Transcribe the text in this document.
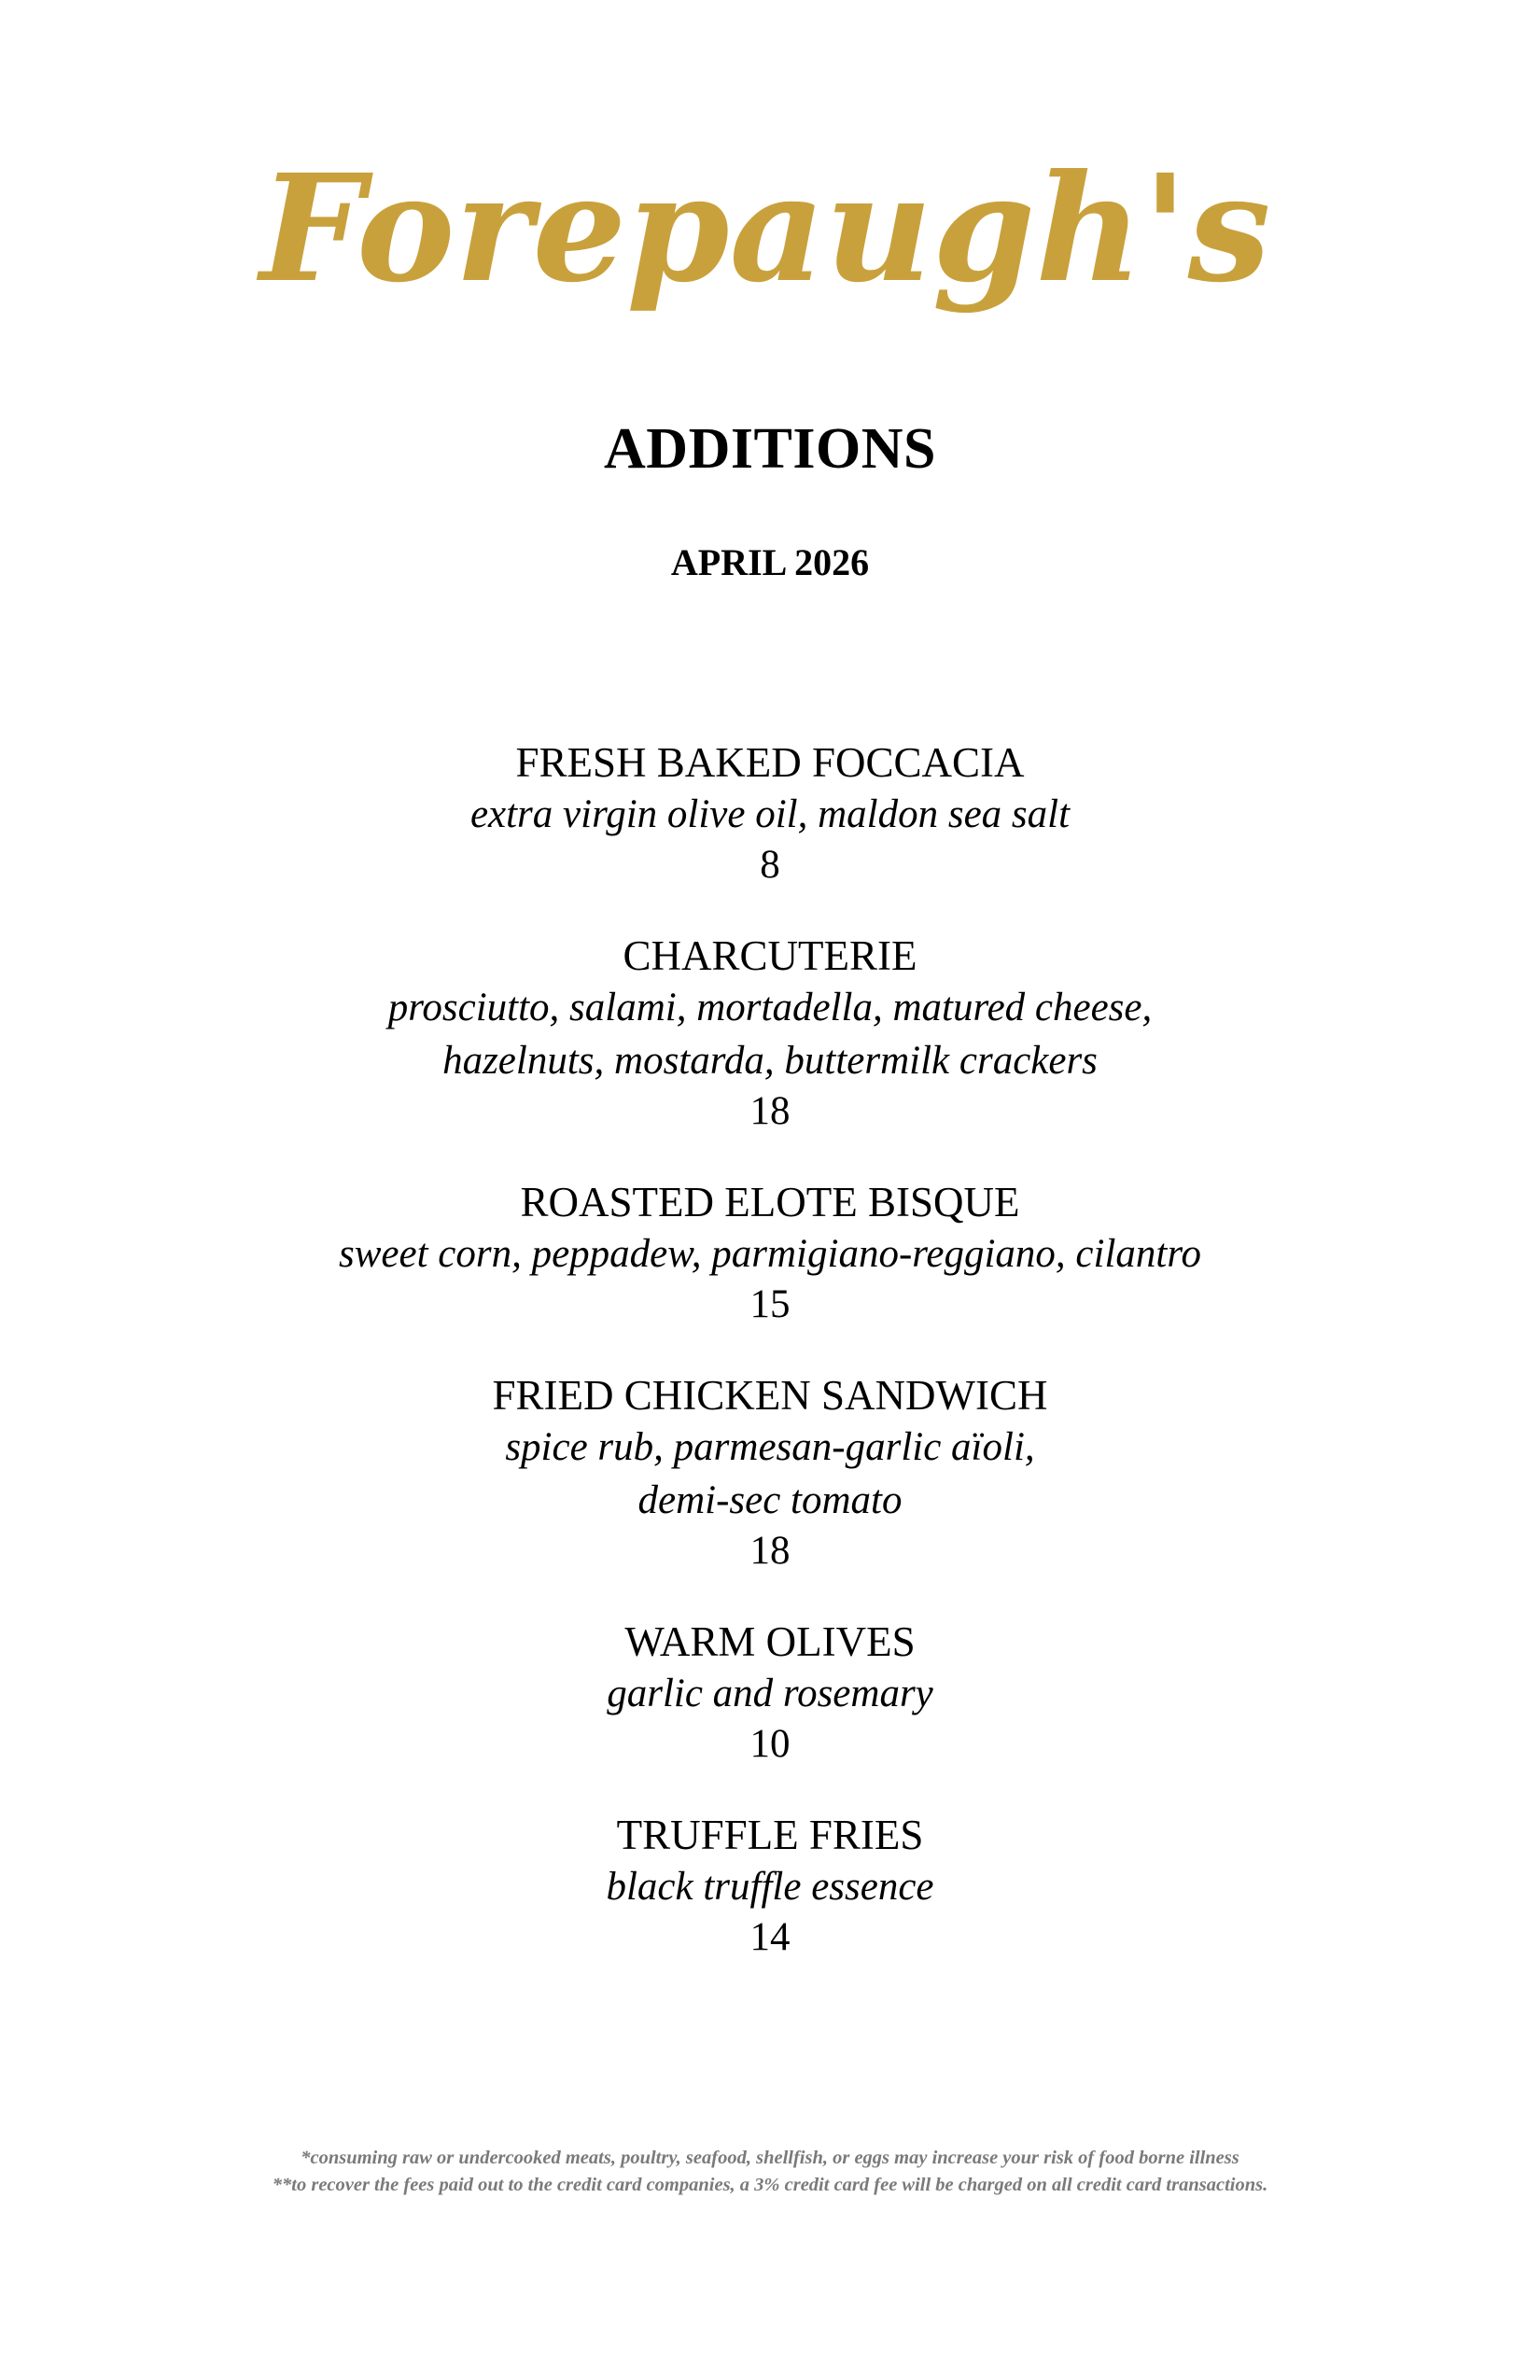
Forepaugh's
ADDITIONS
APRIL 2026
FRESH BAKED FOCCACIA
extra virgin olive oil, maldon sea salt
8
CHARCUTERIE
prosciutto, salami, mortadella, matured cheese,
hazelnuts, mostarda, buttermilk crackers
18
ROASTED ELOTE BISQUE
sweet corn, peppadew, parmigiano-reggiano, cilantro
15
FRIED CHICKEN SANDWICH
spice rub, parmesan-garlic aïoli,
demi-sec tomato
18
WARM OLIVES
garlic and rosemary
10
TRUFFLE FRIES
black truffle essence
14
*consuming raw or undercooked meats, poultry, seafood, shellfish, or eggs may increase your risk of food borne illness
**to recover the fees paid out to the credit card companies, a 3% credit card fee will be charged on all credit card transactions.
